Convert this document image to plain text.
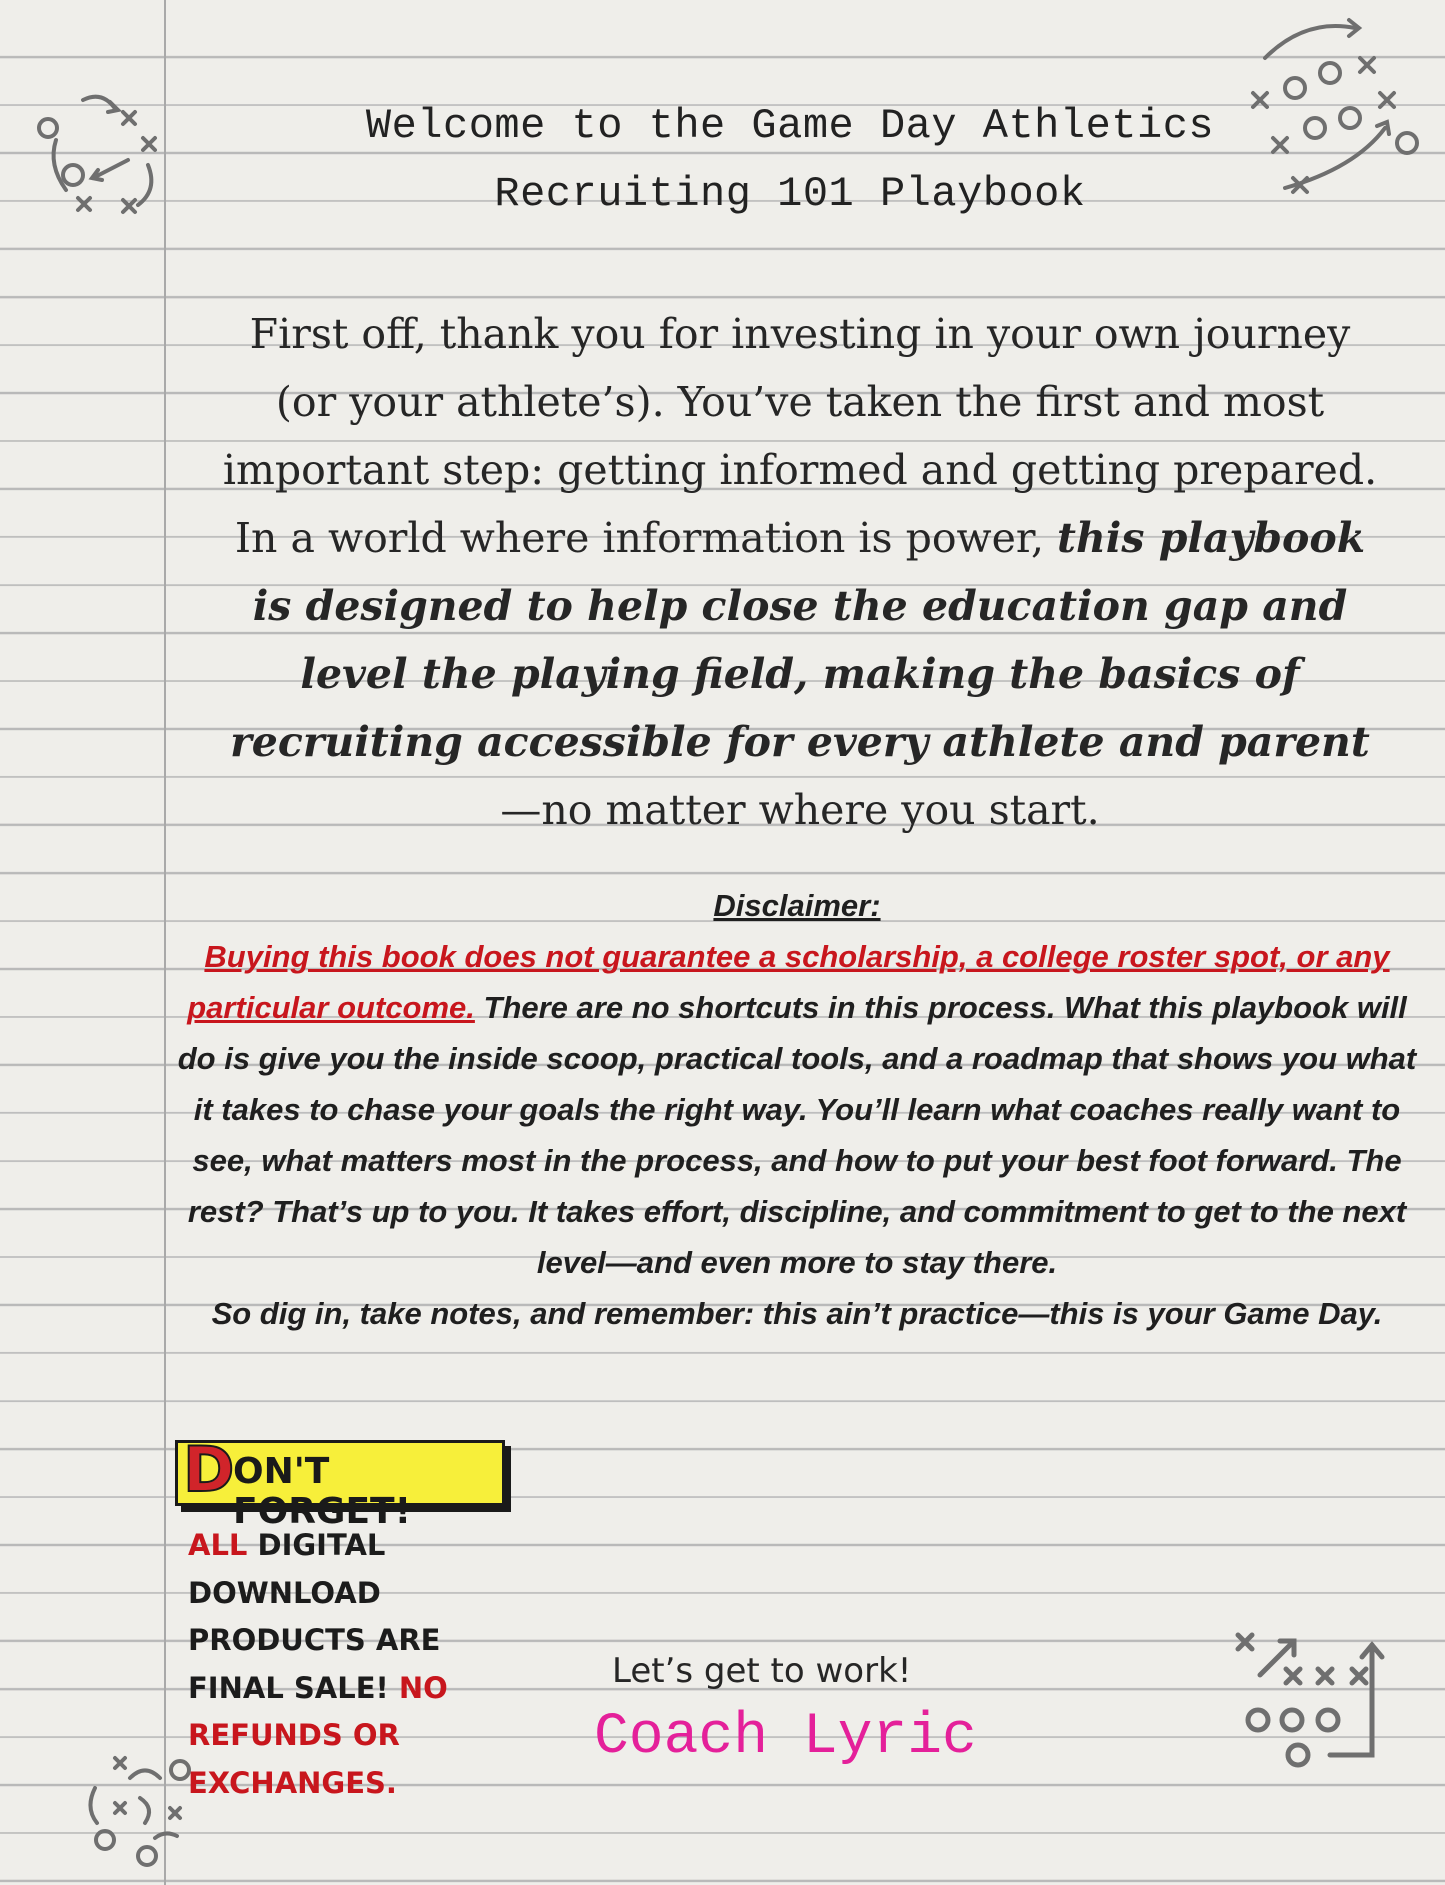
Welcome to the Game Day Athletics
Recruiting 101 Playbook
First off, thank you for investing in your own journey (or your athlete’s). You’ve taken the first and most important step: getting informed and getting prepared. In a world where information is power, this playbook is designed to help close the education gap and level the playing field, making the basics of recruiting accessible for every athlete and parent—no matter where you start.
Disclaimer:
Buying this book does not guarantee a scholarship, a college roster spot, or any particular outcome. There are no shortcuts in this process. What this playbook will do is give you the inside scoop, practical tools, and a roadmap that shows you what it takes to chase your goals the right way. You’ll learn what coaches really want to see, what matters most in the process, and how to put your best foot forward. The rest? That’s up to you. It takes effort, discipline, and commitment to get to the next level—and even more to stay there.
So dig in, take notes, and remember: this ain’t practice—this is your Game Day.
D
ON'T FORGET!
ALL DIGITAL DOWNLOAD PRODUCTS ARE FINAL SALE! NO REFUNDS OR EXCHANGES.
Let’s get to work!
Coach Lyric
